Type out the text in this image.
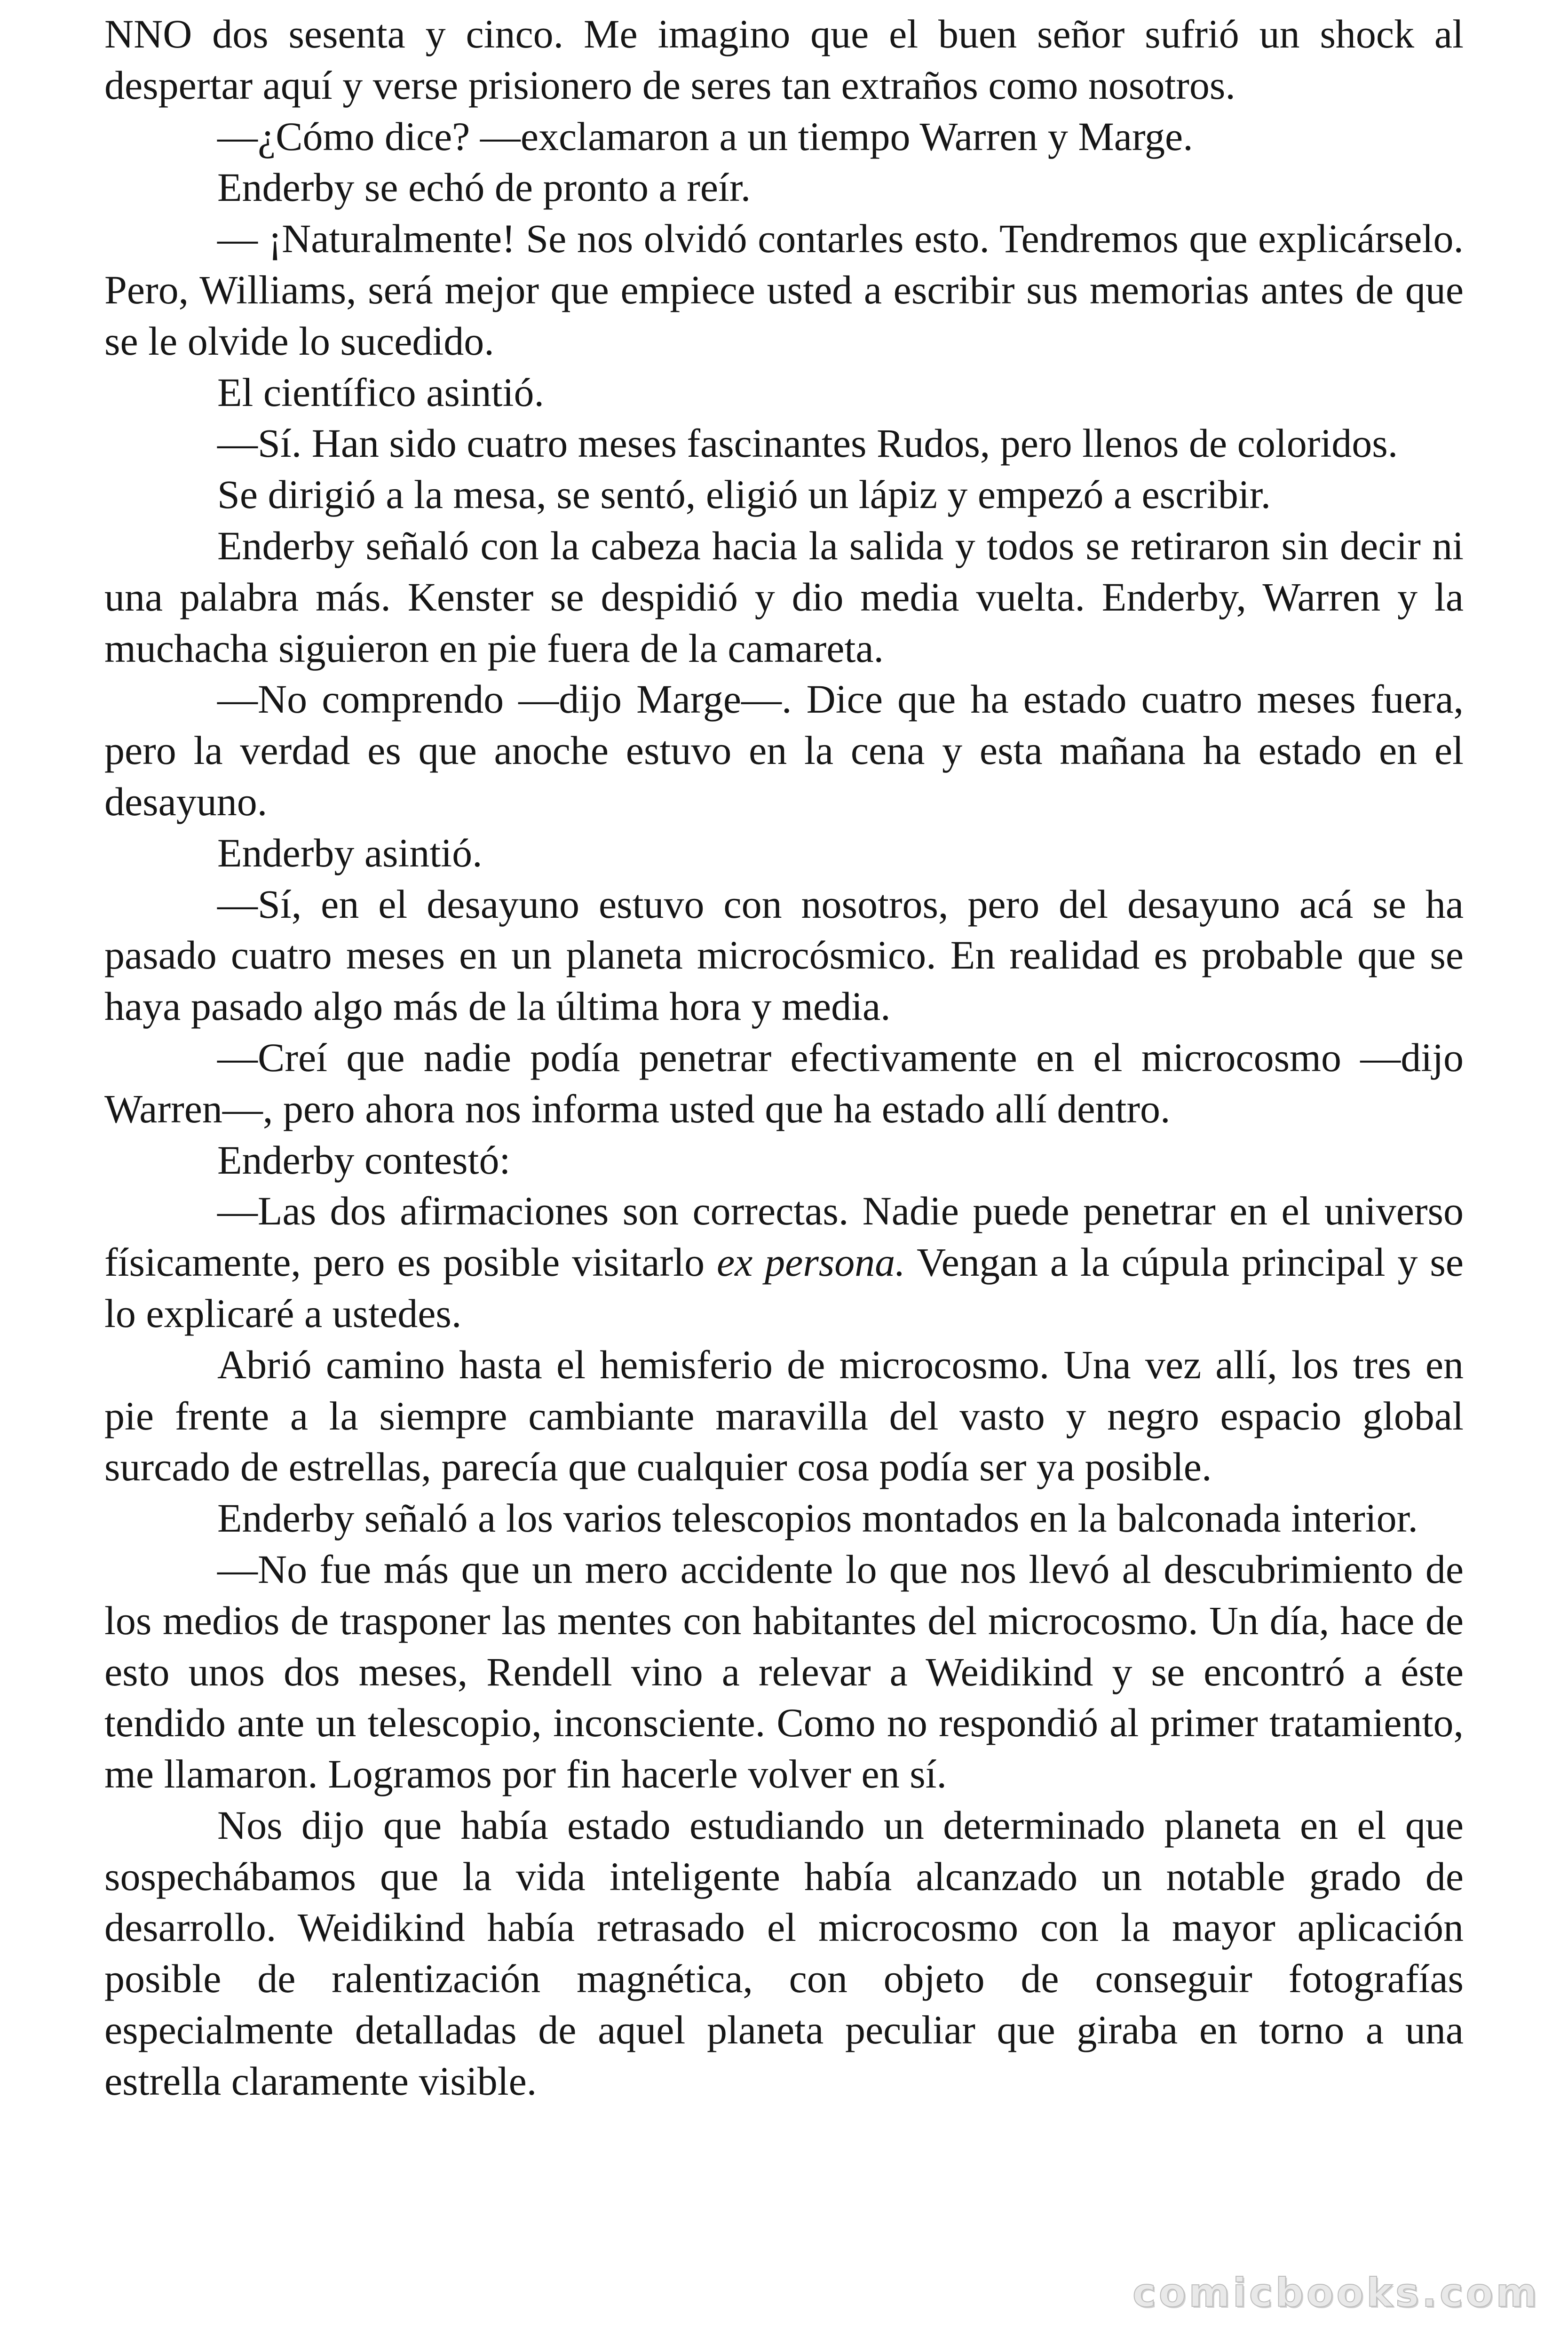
NNO dos sesenta y cinco. Me imagino que el buen señor sufrió un shock al despertar aquí y verse prisionero de seres tan extraños como nosotros.

—¿Cómo dice? —exclamaron a un tiempo Warren y Marge.

Enderby se echó de pronto a reír.

— ¡Naturalmente! Se nos olvidó contarles esto. Tendremos que explicárselo. Pero, Williams, será mejor que empiece usted a escribir sus memorias antes de que se le olvide lo sucedido.

El científico asintió.

—Sí. Han sido cuatro meses fascinantes Rudos, pero llenos de coloridos.

Se dirigió a la mesa, se sentó, eligió un lápiz y empezó a escribir.

Enderby señaló con la cabeza hacia la salida y todos se retiraron sin decir ni una palabra más. Kenster se despidió y dio media vuelta. Enderby, Warren y la muchacha siguieron en pie fuera de la camareta.

—No comprendo —dijo Marge—. Dice que ha estado cuatro meses fuera, pero la verdad es que anoche estuvo en la cena y esta mañana ha estado en el desayuno.

Enderby asintió.

—Sí, en el desayuno estuvo con nosotros, pero del desayuno acá se ha pasado cuatro meses en un planeta microcósmico. En realidad es probable que se haya pasado algo más de la última hora y media.

—Creí que nadie podía penetrar efectivamente en el microcosmo —dijo Warren—, pero ahora nos informa usted que ha estado allí dentro.

Enderby contestó:

—Las dos afirmaciones son correctas. Nadie puede penetrar en el universo físicamente, pero es posible visitarlo ex persona. Vengan a la cúpula principal y se lo explicaré a ustedes.

Abrió camino hasta el hemisferio de microcosmo. Una vez allí, los tres en pie frente a la siempre cambiante maravilla del vasto y negro espacio global surcado de estrellas, parecía que cualquier cosa podía ser ya posible.

Enderby señaló a los varios telescopios montados en la balconada interior.

—No fue más que un mero accidente lo que nos llevó al descubrimiento de los medios de trasponer las mentes con habitantes del microcosmo. Un día, hace de esto unos dos meses, Rendell vino a relevar a Weidikind y se encontró a éste tendido ante un telescopio, inconsciente. Como no respondió al primer tratamiento, me llamaron. Logramos por fin hacerle volver en sí.

Nos dijo que había estado estudiando un determinado planeta en el que sospechábamos que la vida inteligente había alcanzado un notable grado de desarrollo. Weidikind había retrasado el microcosmo con la mayor aplicación posible de ralentización magnética, con objeto de conseguir fotografías especialmente detalladas de aquel planeta peculiar que giraba en torno a una estrella claramente visible.

comicbooks.com
